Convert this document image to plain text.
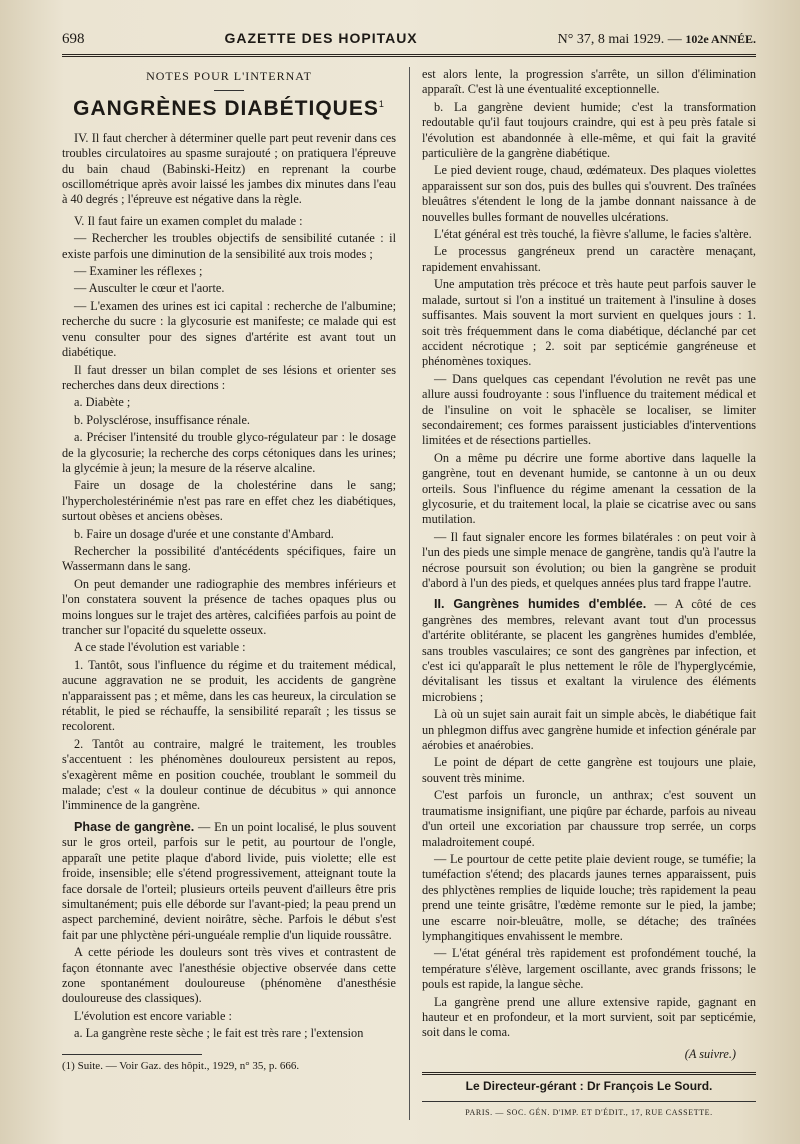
698	GAZETTE DES HOPITAUX	N° 37, 8 mai 1929. — 102e ANNÉE.
NOTES POUR L'INTERNAT
GANGRÈNES DIABÉTIQUES$^1$

IV. Il faut chercher à déterminer quelle part peut revenir dans ces troubles circulatoires au spasme surajouté ; on pratiquera l'épreuve du bain chaud (Babinski-Heitz) en reprenant la courbe oscillométrique après avoir laissé les jambes dix minutes dans l'eau à 40 degrés ; l'épreuve est négative dans la règle.

V. Il faut faire un examen complet du malade :

— Rechercher les troubles objectifs de sensibilité cutanée : il existe parfois une diminution de la sensibilité aux trois modes ;

— Examiner les réflexes ;

— Ausculter le cœur et l'aorte.

— L'examen des urines est ici capital : recherche de l'albumine; recherche du sucre : la glycosurie est manifeste; ce malade qui est venu consulter pour des signes d'artérite est avant tout un diabétique.

Il faut dresser un bilan complet de ses lésions et orienter ses recherches dans deux directions :

a. Diabète ;

b. Polysclérose, insuffisance rénale.

a. Préciser l'intensité du trouble glyco-régulateur par : le dosage de la glycosurie; la recherche des corps cétoniques dans les urines; la glycémie à jeun; la mesure de la réserve alcaline.

Faire un dosage de la cholestérine dans le sang; l'hypercholestérinémie n'est pas rare en effet chez les diabétiques, surtout obèses et anciens obèses.

b. Faire un dosage d'urée et une constante d'Ambard.

Rechercher la possibilité d'antécédents spécifiques, faire un Wassermann dans le sang.

On peut demander une radiographie des membres inférieurs et l'on constatera souvent la présence de taches opaques plus ou moins longues sur le trajet des artères, calcifiées parfois au point de trancher sur l'opacité du squelette osseux.

A ce stade l'évolution est variable :

1. Tantôt, sous l'influence du régime et du traitement médical, aucune aggravation ne se produit, les accidents de gangrène n'apparaissent pas ; et même, dans les cas heureux, la circulation se rétablit, le pied se réchauffe, la sensibilité reparaît ; les tissus se recolorent.

2. Tantôt au contraire, malgré le traitement, les troubles s'accentuent : les phénomènes douloureux persistent au repos, s'exagèrent même en position couchée, troublant le sommeil du malade; c'est « la douleur continue de décubitus » qui annonce l'imminence de la gangrène.

Phase de gangrène. — En un point localisé, le plus souvent sur le gros orteil, parfois sur le petit, au pourtour de l'ongle, apparaît une petite plaque d'abord livide, puis violette; elle est froide, insensible; elle s'étend progressivement, atteignant toute la face dorsale de l'orteil; plusieurs orteils peuvent d'ailleurs être pris simultanément; puis elle déborde sur l'avant-pied; la peau prend un aspect parcheminé, devient noirâtre, sèche. Parfois le début s'est fait par une phlyctène péri-unguéale remplie d'un liquide roussâtre.

A cette période les douleurs sont très vives et contrastent de façon étonnante avec l'anesthésie objective observée dans cette zone spontanément douloureuse (phénomène d'anesthésie douloureuse des classiques).

L'évolution est encore variable :

a. La gangrène reste sèche ; le fait est très rare ; l'extension

(1) Suite. — Voir Gaz. des hôpit., 1929, n° 35, p. 666.

est alors lente, la progression s'arrête, un sillon d'élimination apparaît. C'est là une éventualité exceptionnelle.

b. La gangrène devient humide; c'est la transformation redoutable qu'il faut toujours craindre, qui est à peu près fatale si l'évolution est abandonnée à elle-même, et qui fait la gravité particulière de la gangrène diabétique.

Le pied devient rouge, chaud, œdémateux. Des plaques violettes apparaissent sur son dos, puis des bulles qui s'ouvrent. Des traînées bleuâtres s'étendent le long de la jambe donnant naissance à de nouvelles bulles formant de nouvelles ulcérations.

L'état général est très touché, la fièvre s'allume, le facies s'altère.

Le processus gangréneux prend un caractère menaçant, rapidement envahissant.

Une amputation très précoce et très haute peut parfois sauver le malade, surtout si l'on a institué un traitement à l'insuline à doses suffisantes. Mais souvent la mort survient en quelques jours : 1. soit très fréquemment dans le coma diabétique, déclanché par cet accident nécrotique ; 2. soit par septicémie gangréneuse et phénomènes toxiques.

— Dans quelques cas cependant l'évolution ne revêt pas une allure aussi foudroyante : sous l'influence du traitement médical et de l'insuline on voit le sphacèle se localiser, se limiter secondairement; ces formes paraissent justiciables d'interventions limitées et de résections partielles.

On a même pu décrire une forme abortive dans laquelle la gangrène, tout en devenant humide, se cantonne à un ou deux orteils. Sous l'influence du régime amenant la cessation de la glycosurie, et du traitement local, la plaie se cicatrise avec ou sans mutilation.

— Il faut signaler encore les formes bilatérales : on peut voir à l'un des pieds une simple menace de gangrène, tandis qu'à l'autre la nécrose poursuit son évolution; ou bien la gangrène se produit d'abord à l'un des pieds, et quelques années plus tard frappe l'autre.

II. Gangrènes humides d'emblée. — A côté de ces gangrènes des membres, relevant avant tout d'un processus d'artérite oblitérante, se placent les gangrènes humides d'emblée, sans troubles vasculaires; ce sont des gangrènes par infection, et c'est ici qu'apparaît le plus nettement le rôle de l'hyperglycémie, dévitalisant les tissus et exaltant la virulence des éléments microbiens ;

Là où un sujet sain aurait fait un simple abcès, le diabétique fait un phlegmon diffus avec gangrène humide et infection générale par aérobies et anaérobies.

Le point de départ de cette gangrène est toujours une plaie, souvent très minime.

C'est parfois un furoncle, un anthrax; c'est souvent un traumatisme insignifiant, une piqûre par écharde, parfois au niveau d'un orteil une excoriation par chaussure trop serrée, un corps maladroitement coupé.

— Le pourtour de cette petite plaie devient rouge, se tuméfie; la tuméfaction s'étend; des placards jaunes ternes apparaissent, puis des phlyctènes remplies de liquide louche; très rapidement la peau prend une teinte grisâtre, l'œdème remonte sur le pied, la jambe; une escarre noir-bleuâtre, molle, se détache; des traînées lymphangitiques envahissent le membre.

— L'état général très rapidement est profondément touché, la température s'élève, largement oscillante, avec grands frissons; le pouls est rapide, la langue sèche.

La gangrène prend une allure extensive rapide, gagnant en hauteur et en profondeur, et la mort survient, soit par septicémie, soit dans le coma.

(A suivre.)
Le Directeur-gérant : Dr François Le Sourd.
PARIS. — SOC. GÉN. D'IMP. ET D'ÉDIT., 17, RUE CASSETTE.
